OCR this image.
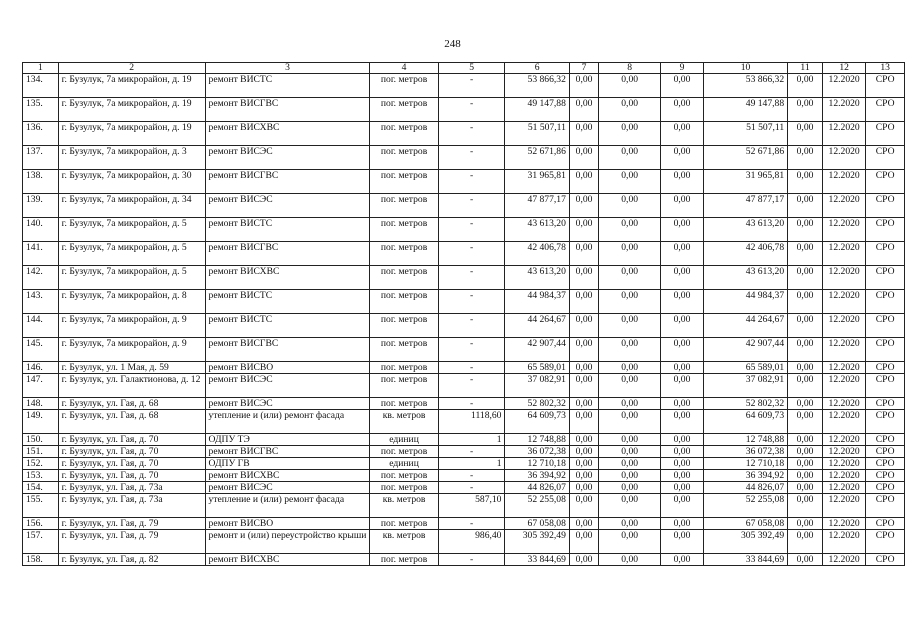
248
1	2	3	4	5	6	7	8	9	10	11	12	13
134.	г. Бузулук, 7а микрорайон, д. 19	ремонт ВИСТС	пог. метров	-	53 866,32	0,00	0,00	0,00	53 866,32	0,00	12.2020	СРО
135.	г. Бузулук, 7а микрорайон, д. 19	ремонт ВИСГВС	пог. метров	-	49 147,88	0,00	0,00	0,00	49 147,88	0,00	12.2020	СРО
136.	г. Бузулук, 7а микрорайон, д. 19	ремонт ВИСХВС	пог. метров	-	51 507,11	0,00	0,00	0,00	51 507,11	0,00	12.2020	СРО
137.	г. Бузулук, 7а микрорайон, д. 3	ремонт ВИСЭС	пог. метров	-	52 671,86	0,00	0,00	0,00	52 671,86	0,00	12.2020	СРО
138.	г. Бузулук, 7а микрорайон, д. 30	ремонт ВИСГВС	пог. метров	-	31 965,81	0,00	0,00	0,00	31 965,81	0,00	12.2020	СРО
139.	г. Бузулук, 7а микрорайон, д. 34	ремонт ВИСЭС	пог. метров	-	47 877,17	0,00	0,00	0,00	47 877,17	0,00	12.2020	СРО
140.	г. Бузулук, 7а микрорайон, д. 5	ремонт ВИСТС	пог. метров	-	43 613,20	0,00	0,00	0,00	43 613,20	0,00	12.2020	СРО
141.	г. Бузулук, 7а микрорайон, д. 5	ремонт ВИСГВС	пог. метров	-	42 406,78	0,00	0,00	0,00	42 406,78	0,00	12.2020	СРО
142.	г. Бузулук, 7а микрорайон, д. 5	ремонт ВИСХВС	пог. метров	-	43 613,20	0,00	0,00	0,00	43 613,20	0,00	12.2020	СРО
143.	г. Бузулук, 7а микрорайон, д. 8	ремонт ВИСТС	пог. метров	-	44 984,37	0,00	0,00	0,00	44 984,37	0,00	12.2020	СРО
144.	г. Бузулук, 7а микрорайон, д. 9	ремонт ВИСТС	пог. метров	-	44 264,67	0,00	0,00	0,00	44 264,67	0,00	12.2020	СРО
145.	г. Бузулук, 7а микрорайон, д. 9	ремонт ВИСГВС	пог. метров	-	42 907,44	0,00	0,00	0,00	42 907,44	0,00	12.2020	СРО
146.	г. Бузулук, ул. 1 Мая, д. 59	ремонт ВИСВО	пог. метров	-	65 589,01	0,00	0,00	0,00	65 589,01	0,00	12.2020	СРО
147.	г. Бузулук, ул. Галактионова, д. 12	ремонт ВИСЭС	пог. метров	-	37 082,91	0,00	0,00	0,00	37 082,91	0,00	12.2020	СРО
148.	г. Бузулук, ул. Гая, д. 68	ремонт ВИСЭС	пог. метров	-	52 802,32	0,00	0,00	0,00	52 802,32	0,00	12.2020	СРО
149.	г. Бузулук, ул. Гая, д. 68	утепление и (или) ремонт фасада	кв. метров	1118,60	64 609,73	0,00	0,00	0,00	64 609,73	0,00	12.2020	СРО
150.	г. Бузулук, ул. Гая, д. 70	ОДПУ ТЭ	единиц	1	12 748,88	0,00	0,00	0,00	12 748,88	0,00	12.2020	СРО
151.	г. Бузулук, ул. Гая, д. 70	ремонт ВИСГВС	пог. метров	-	36 072,38	0,00	0,00	0,00	36 072,38	0,00	12.2020	СРО
152.	г. Бузулук, ул. Гая, д. 70	ОДПУ ГВ	единиц	1	12 710,18	0,00	0,00	0,00	12 710,18	0,00	12.2020	СРО
153.	г. Бузулук, ул. Гая, д. 70	ремонт ВИСХВС	пог. метров	-	36 394,92	0,00	0,00	0,00	36 394,92	0,00	12.2020	СРО
154.	г. Бузулук, ул. Гая, д. 73а	ремонт ВИСЭС	пог. метров	-	44 826,07	0,00	0,00	0,00	44 826,07	0,00	12.2020	СРО
155.	г. Бузулук, ул. Гая, д. 73а	утепление и (или) ремонт фасада	кв. метров	587,10	52 255,08	0,00	0,00	0,00	52 255,08	0,00	12.2020	СРО
156.	г. Бузулук, ул. Гая, д. 79	ремонт ВИСВО	пог. метров	-	67 058,08	0,00	0,00	0,00	67 058,08	0,00	12.2020	СРО
157.	г. Бузулук, ул. Гая, д. 79	ремонт и (или) переустройство крыши	кв. метров	986,40	305 392,49	0,00	0,00	0,00	305 392,49	0,00	12.2020	СРО
158.	г. Бузулук, ул. Гая, д. 82	ремонт ВИСХВС	пог. метров	-	33 844,69	0,00	0,00	0,00	33 844,69	0,00	12.2020	СРО
